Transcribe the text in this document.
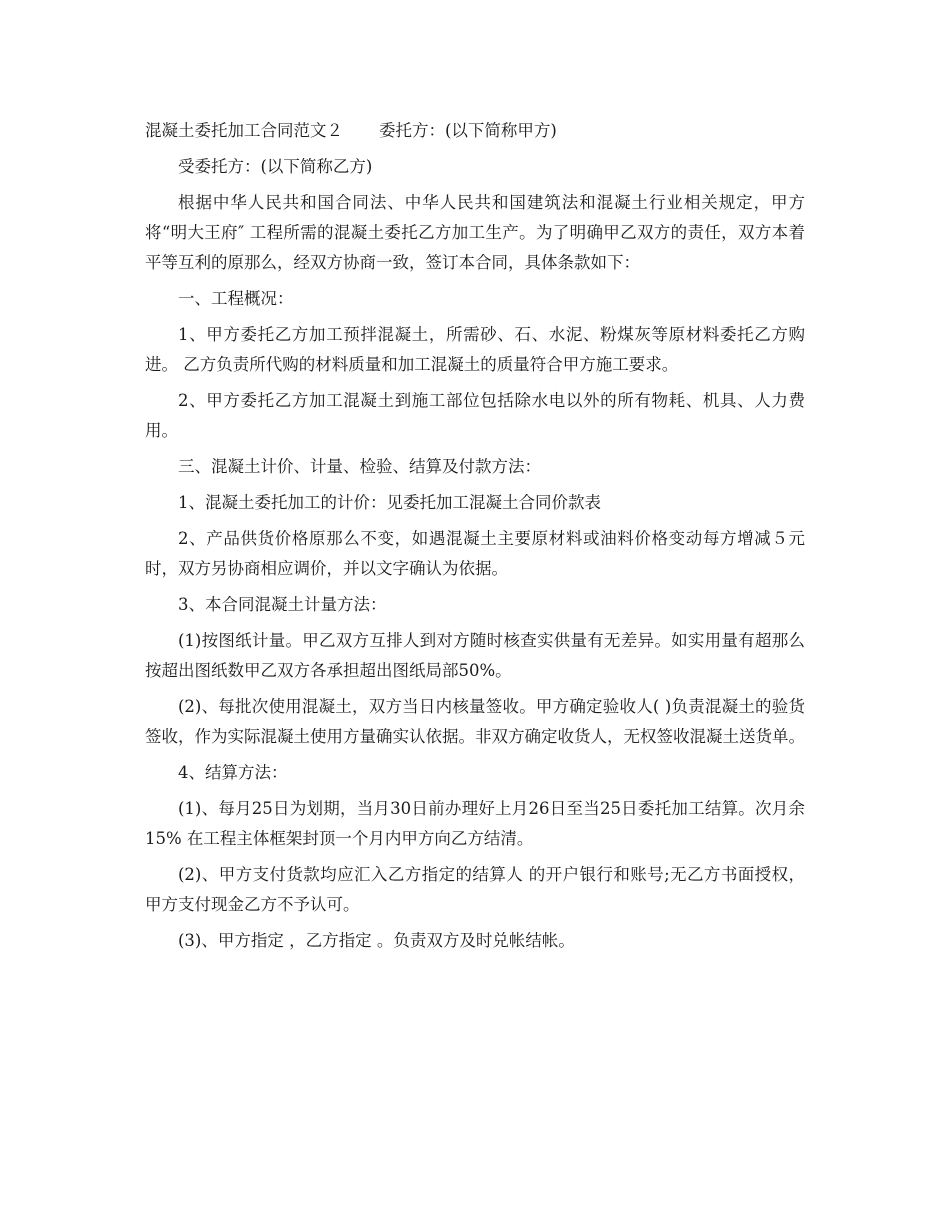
混凝土委托加工合同范文２ 委托方：(以下简称甲方)

受委托方：(以下简称乙方)

根据中华人民共和国合同法、中华人民共和国建筑法和混凝土行业相关规定，甲方将“明大王府″ 工程所需的混凝土委托乙方加工生产。为了明确甲乙双方的责任，双方本着平等互利的原那么，经双方协商一致，签订本合同，具体条款如下：

一、工程概况：

1、甲方委托乙方加工预拌混凝土，所需砂、石、水泥、粉煤灰等原材料委托乙方购进。 乙方负责所代购的材料质量和加工混凝土的质量符合甲方施工要求。

2、甲方委托乙方加工混凝土到施工部位包括除水电以外的所有物耗、机具、人力费用。

三、混凝土计价、计量、检验、结算及付款方法：

1、混凝土委托加工的计价：见委托加工混凝土合同价款表

2、产品供货价格原那么不变，如遇混凝土主要原材料或油料价格变动每方增减５元时，双方另协商相应调价，并以文字确认为依据。

3、本合同混凝土计量方法：

(1)按图纸计量。甲乙双方互排人到对方随时核查实供量有无差异。如实用量有超那么按超出图纸数甲乙双方各承担超出图纸局部50%。

(2)、每批次使用混凝土，双方当日内核量签收。甲方确定验收人( )负责混凝土的验货签收，作为实际混凝土使用方量确实认依据。非双方确定收货人，无权签收混凝土送货单。

4、结算方法：

(1)、每月25日为划期，当月30日前办理好上月26日至当25日委托加工结算。次月余15% 在工程主体框架封顶一个月内甲方向乙方结清。

(2)、甲方支付货款均应汇入乙方指定的结算人 的开户银行和账号;无乙方书面授权，甲方支付现金乙方不予认可。

(3)、甲方指定 ，乙方指定 。负责双方及时兑帐结帐。
